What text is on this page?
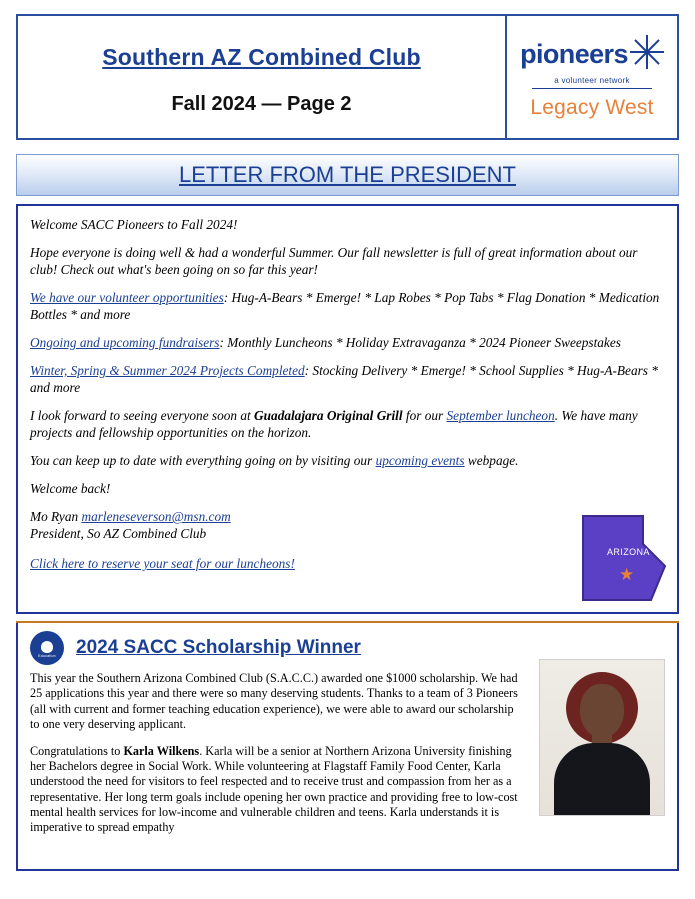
Southern AZ Combined Club
Fall 2024 — Page 2
pioneers
a volunteer network
Legacy West
LETTER FROM THE PRESIDENT

Welcome SACC Pioneers to Fall 2024!

Hope everyone is doing well & had a wonderful Summer. Our fall newsletter is full of great information about our club! Check out what's been going on so far this year!

We have our volunteer opportunities: Hug-A-Bears * Emerge! * Lap Robes * Pop Tabs * Flag Donation * Medication Bottles * and more

Ongoing and upcoming fundraisers: Monthly Luncheons * Holiday Extravaganza * 2024 Pioneer Sweepstakes

Winter, Spring & Summer 2024 Projects Completed: Stocking Delivery * Emerge! * School Supplies * Hug-A-Bears * and more

I look forward to seeing everyone soon at Guadalajara Original Grill for our September luncheon. We have many projects and fellowship opportunities on the horizon.

You can keep up to date with everything going on by visiting our upcoming events webpage.

Welcome back!

Mo Ryan marleneseverson@msn.com

President, So AZ Combined Club

Click here to reserve your seat for our luncheons!
ARIZONA
★
Education 2024 SACC Scholarship Winner

This year the Southern Arizona Combined Club (S.A.C.C.) awarded one $1000 scholarship. We had 25 applications this year and there were so many deserving students. Thanks to a team of 3 Pioneers (all with current and former teaching education experience), we were able to award our scholarship to one very deserving applicant.

Congratulations to Karla Wilkens. Karla will be a senior at Northern Arizona University finishing her Bachelors degree in Social Work. While volunteering at Flagstaff Family Food Center, Karla understood the need for visitors to feel respected and to receive trust and compassion from her as a representative. Her long term goals include opening her own practice and providing free to low-cost mental health services for low-income and vulnerable children and teens. Karla understands it is imperative to spread empathy
